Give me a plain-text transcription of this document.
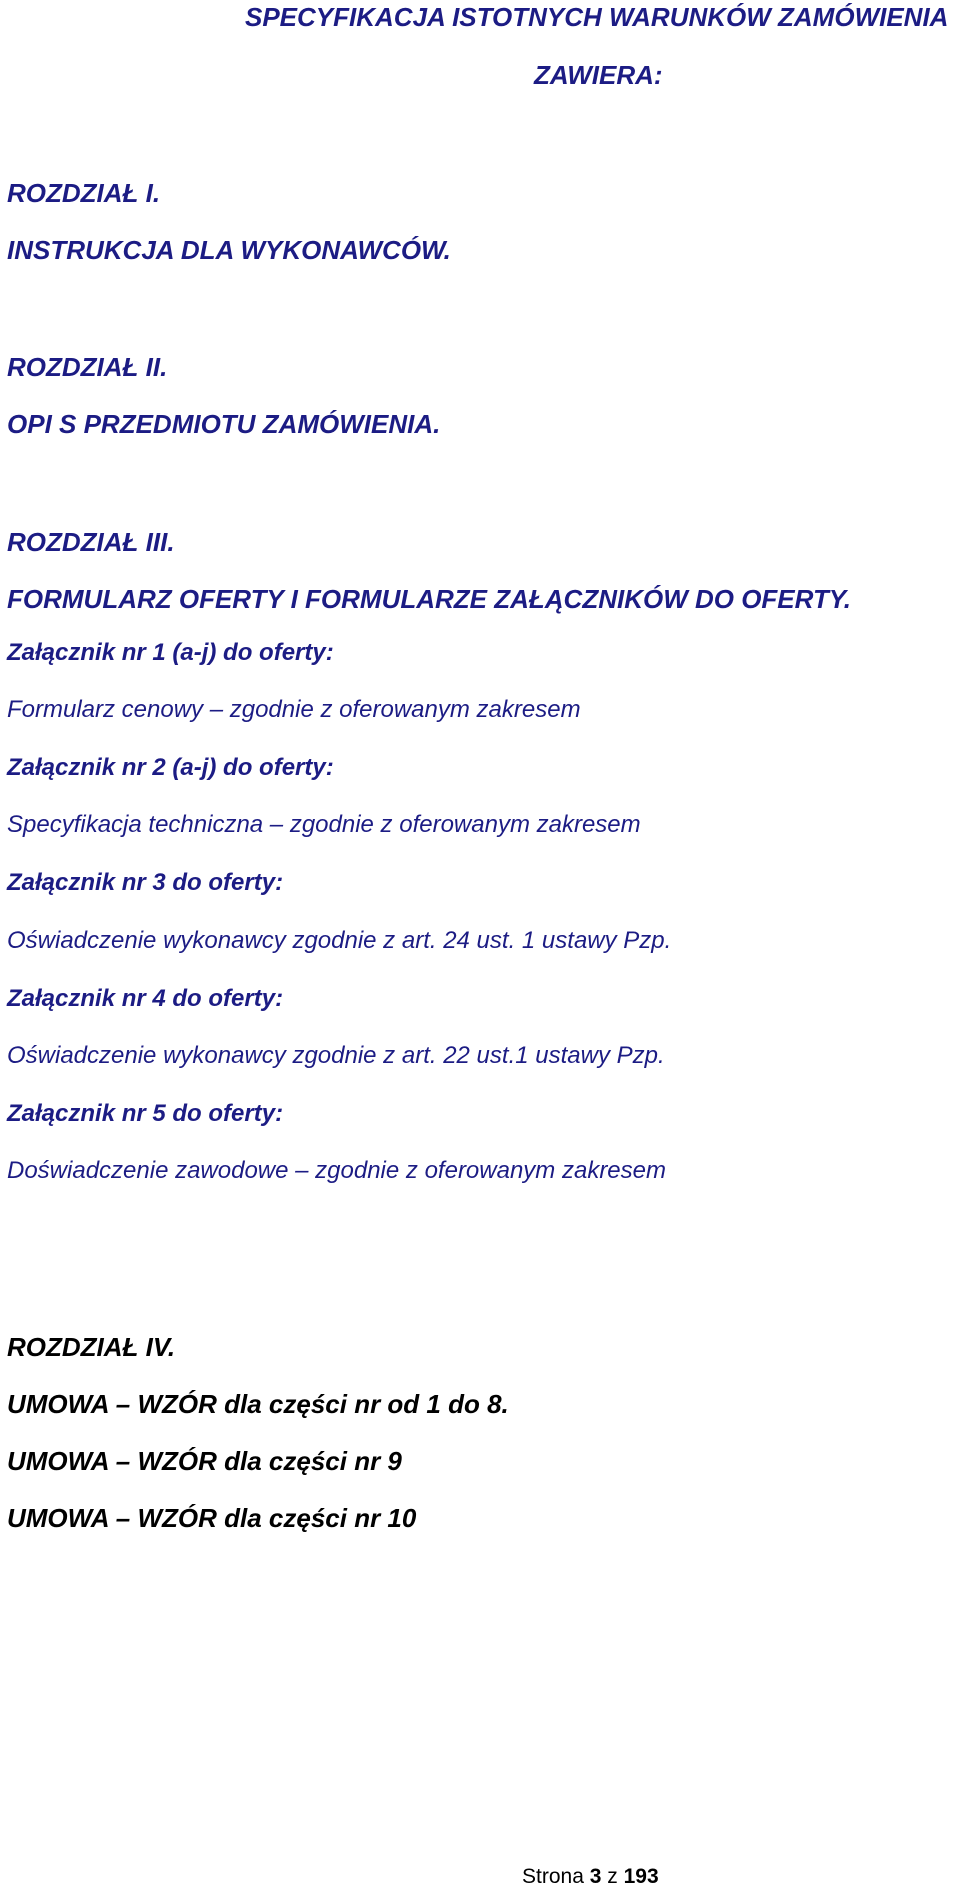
SPECYFIKACJA ISTOTNYCH WARUNKÓW ZAMÓWIENIA
ZAWIERA:
ROZDZIAŁ I.
INSTRUKCJA DLA WYKONAWCÓW.
ROZDZIAŁ II.
OPI S PRZEDMIOTU ZAMÓWIENIA.
ROZDZIAŁ III.
FORMULARZ OFERTY I FORMULARZE ZAŁĄCZNIKÓW DO OFERTY.
Załącznik nr 1 (a-j) do oferty:
Formularz cenowy – zgodnie z oferowanym zakresem
Załącznik nr 2 (a-j) do oferty:
Specyfikacja techniczna – zgodnie z oferowanym zakresem
Załącznik nr 3 do oferty:
Oświadczenie wykonawcy zgodnie z art. 24 ust. 1 ustawy Pzp.
Załącznik nr 4 do oferty:
Oświadczenie wykonawcy zgodnie z art. 22 ust.1 ustawy Pzp.
Załącznik nr 5 do oferty:
Doświadczenie zawodowe – zgodnie z oferowanym zakresem
ROZDZIAŁ IV.
UMOWA – WZÓR dla części nr od 1 do 8.
UMOWA – WZÓR dla części nr 9
UMOWA – WZÓR dla części nr 10
Strona 3 z 193
